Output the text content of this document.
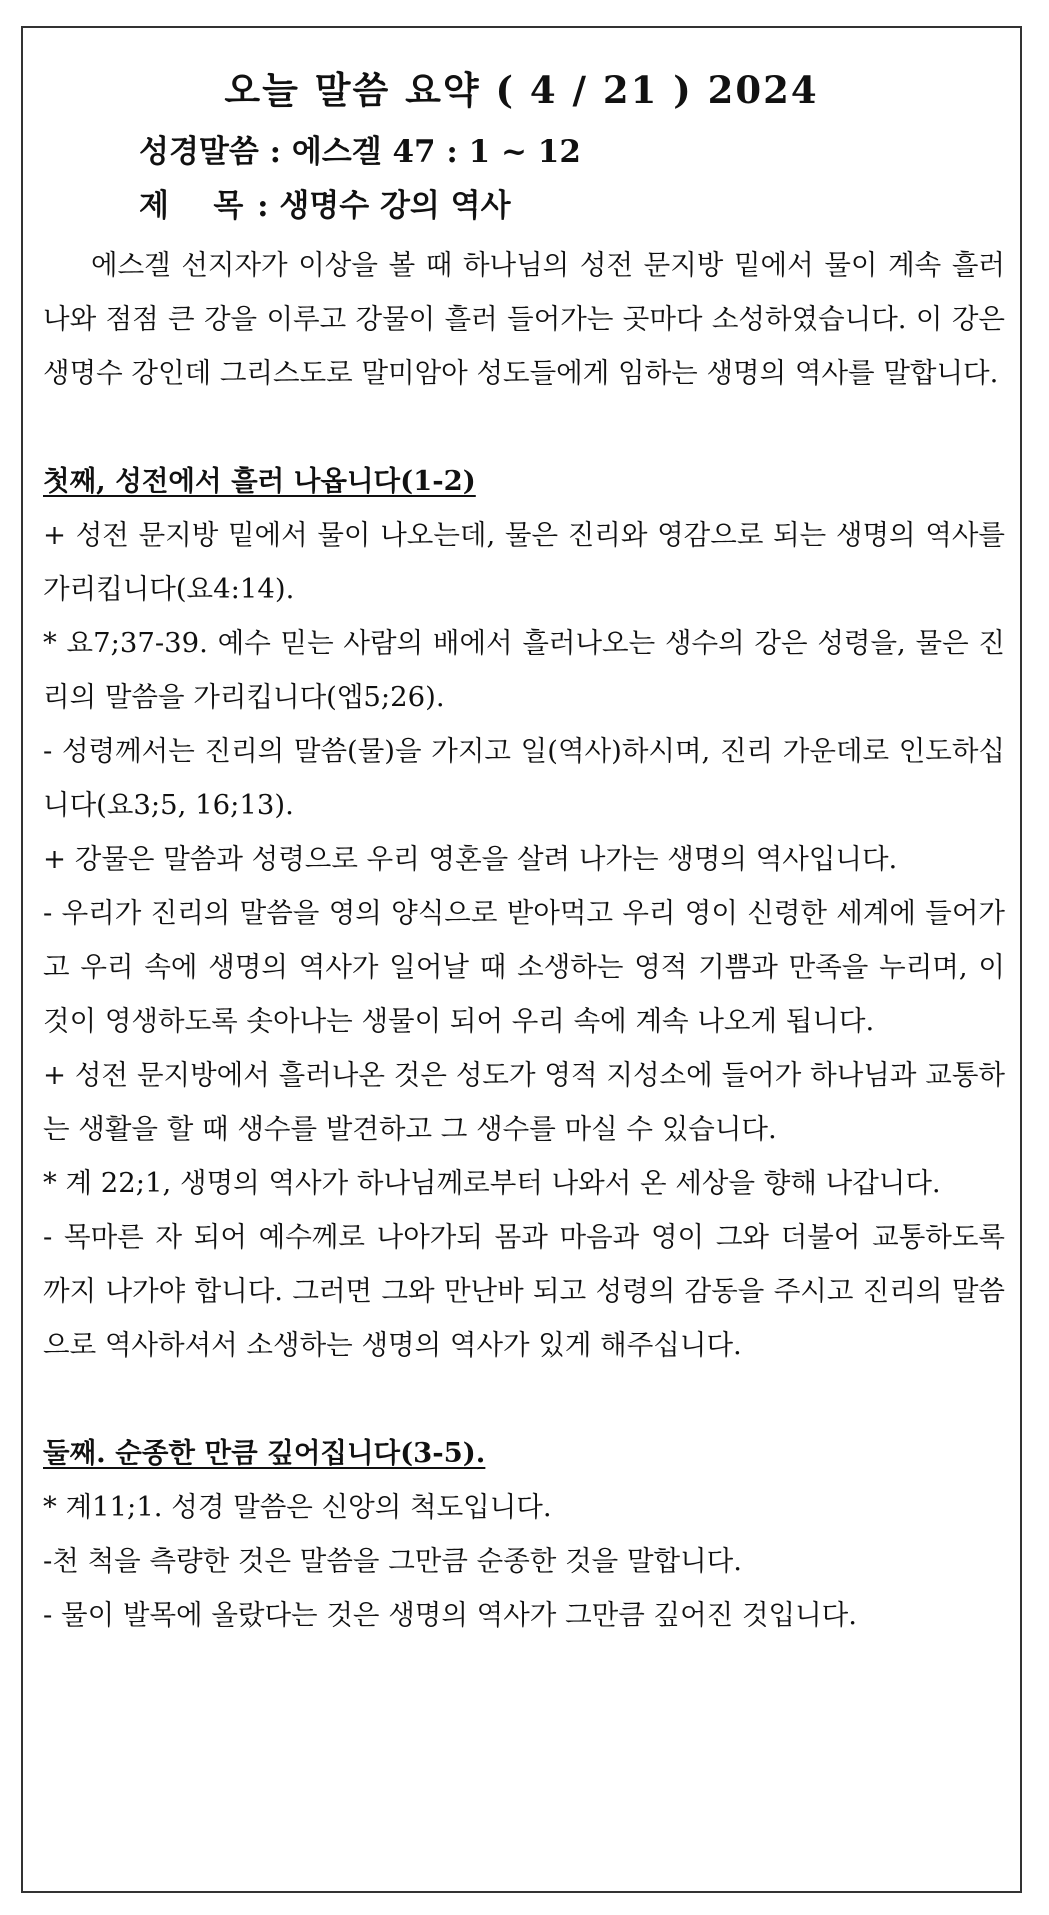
오늘 말씀 요약 ( 4 / 21 ) 2024
성경말씀 : 에스겔 47 : 1 ~ 12
제   목 : 생명수 강의 역사

에스겔 선지자가 이상을 볼 때 하나님의 성전 문지방 밑에서 물이 계속 흘러나와 점점 큰 강을 이루고 강물이 흘러 들어가는 곳마다 소성하였습니다. 이 강은 생명수 강인데 그리스도로 말미암아 성도들에게 임하는 생명의 역사를 말합니다.

첫째, 성전에서 흘러 나옵니다(1-2)

+ 성전 문지방 밑에서 물이 나오는데, 물은 진리와 영감으로 되는 생명의 역사를 가리킵니다(요4:14).

* 요7;37-39. 예수 믿는 사람의 배에서 흘러나오는 생수의 강은 성령을, 물은 진리의 말씀을 가리킵니다(엡5;26).

- 성령께서는 진리의 말씀(물)을 가지고 일(역사)하시며, 진리 가운데로 인도하십니다(요3;5, 16;13).

+ 강물은 말씀과 성령으로 우리 영혼을 살려 나가는 생명의 역사입니다.

- 우리가 진리의 말씀을 영의 양식으로 받아먹고 우리 영이 신령한 세계에 들어가고 우리 속에 생명의 역사가 일어날 때 소생하는 영적 기쁨과 만족을 누리며, 이것이 영생하도록 솟아나는 생물이 되어 우리 속에 계속 나오게 됩니다.

+ 성전 문지방에서 흘러나온 것은 성도가 영적 지성소에 들어가 하나님과 교통하는 생활을 할 때 생수를 발견하고 그 생수를 마실 수 있습니다.

* 계 22;1, 생명의 역사가 하나님께로부터 나와서 온 세상을 향해 나갑니다.

- 목마른 자 되어 예수께로 나아가되 몸과 마음과 영이 그와 더불어 교통하도록 까지 나가야 합니다. 그러면 그와 만난바 되고 성령의 감동을 주시고 진리의 말씀으로 역사하셔서 소생하는 생명의 역사가 있게 해주십니다.

둘째. 순종한 만큼 깊어집니다(3-5).

* 계11;1. 성경 말씀은 신앙의 척도입니다.

-천 척을 측량한 것은 말씀을 그만큼 순종한 것을 말합니다.

- 물이 발목에 올랐다는 것은 생명의 역사가 그만큼 깊어진 것입니다.
